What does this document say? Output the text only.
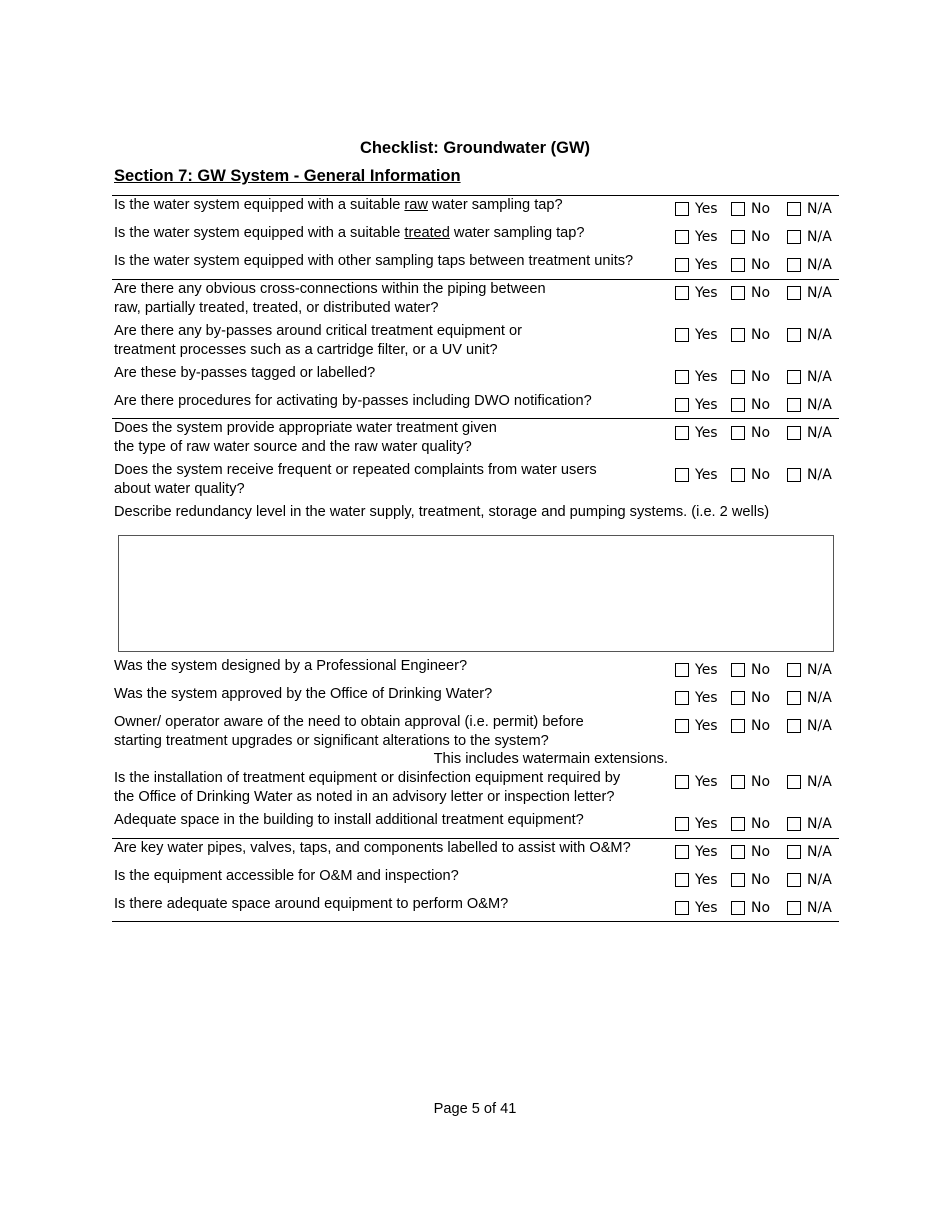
Checklist: Groundwater (GW)
Section 7: GW System - General Information
Is the water system equipped with a suitable raw water sampling tap?	Yes No	N/A
Is the water system equipped with a suitable treated water sampling tap?	Yes No	N/A
Is the water system equipped with other sampling taps between treatment units?	Yes No	N/A
Are there any obvious cross-connections within the piping between
raw, partially treated, treated, or distributed water?
Yes No	N/A
Are there any by-passes around critical treatment equipment or
treatment processes such as a cartridge filter, or a UV unit?
Yes No	N/A
Are these by-passes tagged or labelled?	Yes No	N/A
Are there procedures for activating by-passes including DWO notification?	Yes No	N/A
Does the system provide appropriate water treatment given
the type of raw water source and the raw water quality?
Yes No	N/A
Does the system receive frequent or repeated complaints from water users
about water quality?
Yes No	N/A
Describe redundancy level in the water supply, treatment, storage and pumping systems. (i.e. 2 wells)
Was the system designed by a Professional Engineer?	Yes No	N/A
Was the system approved by the Office of Drinking Water?	Yes No	N/A
Owner/ operator aware of the need to obtain approval (i.e. permit) before
starting treatment upgrades or significant alterations to the system?
This includes watermain extensions.
Yes No	N/A
Is the installation of treatment equipment or disinfection equipment required by
the Office of Drinking Water as noted in an advisory letter or inspection letter?
Yes No	N/A
Adequate space in the building to install additional treatment equipment?	Yes No	N/A
Are key water pipes, valves, taps, and components labelled to assist with O&M?	Yes No	N/A
Is the equipment accessible for O&M and inspection?	Yes No	N/A
Is there adequate space around equipment to perform O&M?	Yes No	N/A
Page 5 of 41
